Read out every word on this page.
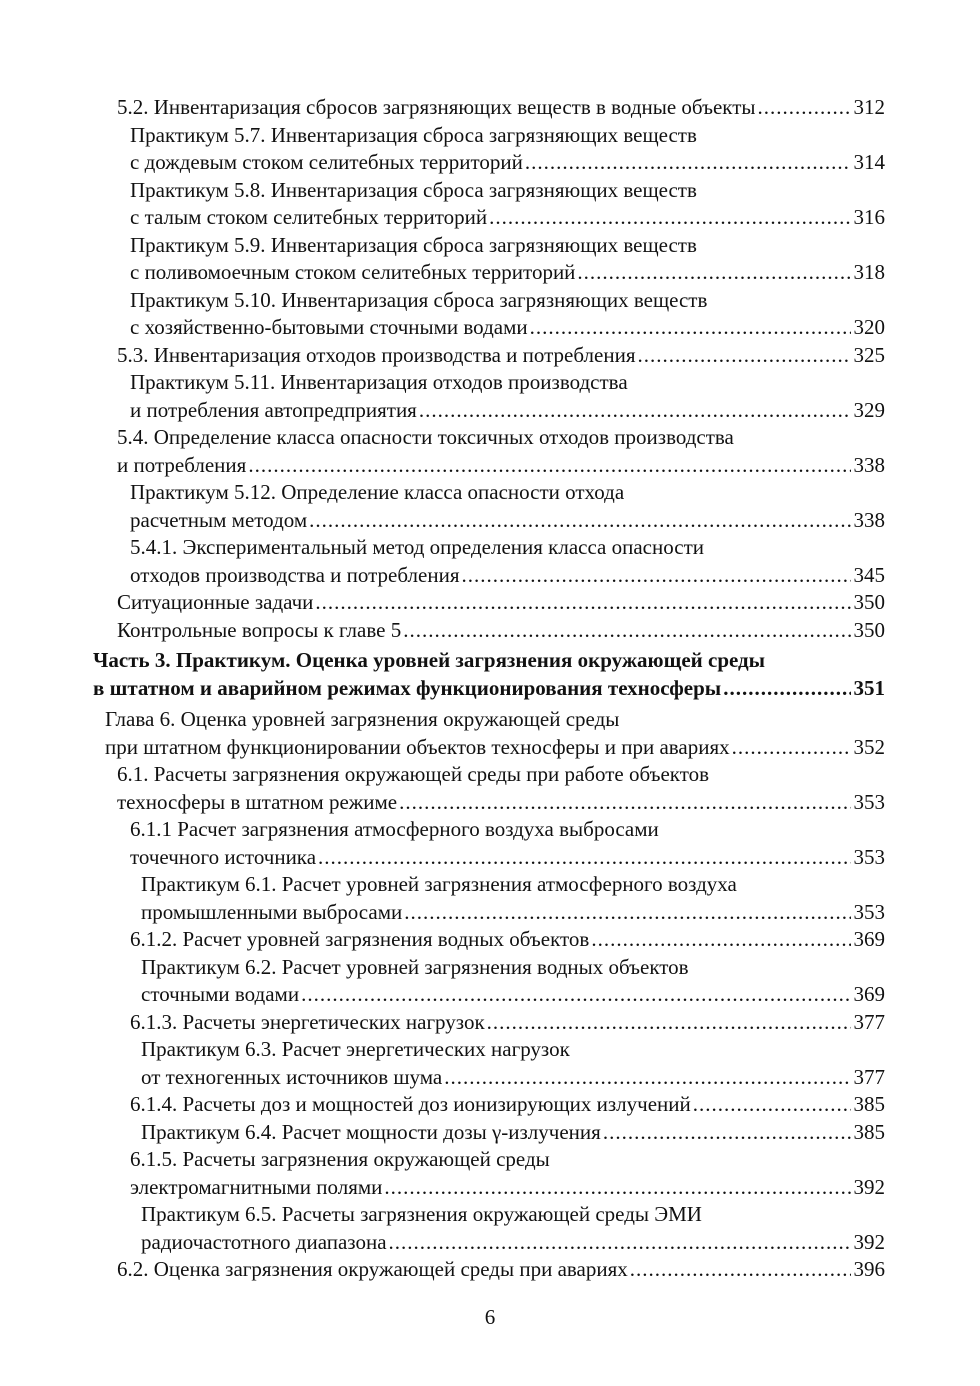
5.2. Инвентаризация сбросов загрязняющих веществ в водные объекты .....	312
Практикум 5.7. Инвентаризация сброса загрязняющих веществ
с дождевым стоком селитебных территорий .....	314
Практикум 5.8. Инвентаризация сброса загрязняющих веществ
с талым стоком селитебных территорий .....	316
Практикум 5.9. Инвентаризация сброса загрязняющих веществ
с поливомоечным стоком селитебных территорий .....	318
Практикум 5.10. Инвентаризация сброса загрязняющих веществ
с хозяйственно-бытовыми сточными водами .....	320
5.3. Инвентаризация отходов производства и потребления .....	325
Практикум 5.11. Инвентаризация отходов производства
и потребления автопредприятия .....	329
5.4. Определение класса опасности токсичных отходов производства
и потребления .....	338
Практикум 5.12. Определение класса опасности отхода
расчетным методом .....	338
5.4.1. Экспериментальный метод определения класса опасности
отходов производства и потребления .....	345
Ситуационные задачи .....	350
Контрольные вопросы к главе 5 .....	350
Часть 3. Практикум. Оценка уровней загрязнения окружающей среды
в штатном и аварийном режимах функционирования техносферы .....	351
Глава 6. Оценка уровней загрязнения окружающей среды
при штатном функционировании объектов техносферы и при авариях .....	352
6.1. Расчеты загрязнения окружающей среды при работе объектов
техносферы в штатном режиме .....	353
6.1.1 Расчет загрязнения атмосферного воздуха выбросами
точечного источника .....	353
Практикум 6.1. Расчет уровней загрязнения атмосферного воздуха
промышленными выбросами .....	353
6.1.2. Расчет уровней загрязнения водных объектов .....	369
Практикум 6.2. Расчет уровней загрязнения водных объектов
сточными водами .....	369
6.1.3. Расчеты энергетических нагрузок .....	377
Практикум 6.3. Расчет энергетических нагрузок
от техногенных источников шума .....	377
6.1.4. Расчеты доз и мощностей доз ионизирующих излучений .....	385
Практикум 6.4. Расчет мощности дозы γ-излучения .....	385
6.1.5. Расчеты загрязнения окружающей среды
электромагнитными полями .....	392
Практикум 6.5. Расчеты загрязнения окружающей среды ЭМИ
радиочастотного диапазона .....	392
6.2. Оценка загрязнения окружающей среды при авариях .....	396
6
